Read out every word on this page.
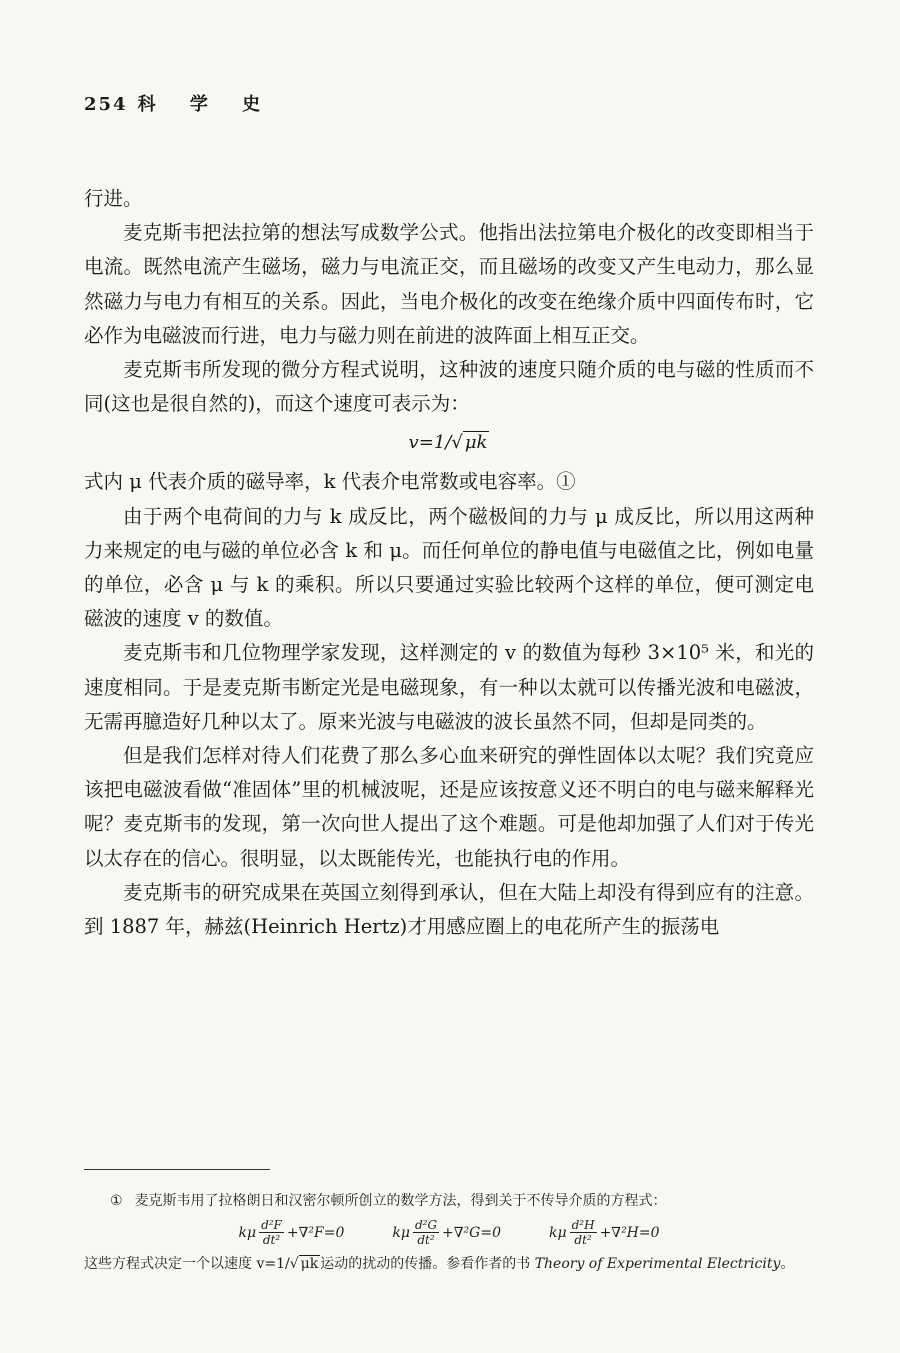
254 科 学 史

行进。

麦克斯韦把法拉第的想法写成数学公式。他指出法拉第电介极化的改变即相当于电流。既然电流产生磁场，磁力与电流正交，而且磁场的改变又产生电动力，那么显然磁力与电力有相互的关系。因此，当电介极化的改变在绝缘介质中四面传布时，它必作为电磁波而行进，电力与磁力则在前进的波阵面上相互正交。

麦克斯韦所发现的微分方程式说明，这种波的速度只随介质的电与磁的性质而不同(这也是很自然的)，而这个速度可表示为：

v=1/√ μk

式内 μ 代表介质的磁导率，k 代表介电常数或电容率。①

由于两个电荷间的力与 k 成反比，两个磁极间的力与 μ 成反比，所以用这两种力来规定的电与磁的单位必含 k 和 μ。而任何单位的静电值与电磁值之比，例如电量的单位，必含 μ 与 k 的乘积。所以只要通过实验比较两个这样的单位，便可测定电磁波的速度 v 的数值。

麦克斯韦和几位物理学家发现，这样测定的 v 的数值为每秒 3×10⁵ 米，和光的速度相同。于是麦克斯韦断定光是电磁现象，有一种以太就可以传播光波和电磁波，无需再臆造好几种以太了。原来光波与电磁波的波长虽然不同，但却是同类的。

但是我们怎样对待人们花费了那么多心血来研究的弹性固体以太呢？我们究竟应该把电磁波看做“准固体”里的机械波呢，还是应该按意义还不明白的电与磁来解释光呢？麦克斯韦的发现，第一次向世人提出了这个难题。可是他却加强了人们对于传光以太存在的信心。很明显，以太既能传光，也能执行电的作用。

麦克斯韦的研究成果在英国立刻得到承认，但在大陆上却没有得到应有的注意。到 1887 年，赫兹(Heinrich Hertz)才用感应圈上的电花所产生的振荡电

① 麦克斯韦用了拉格朗日和汉密尔顿所创立的数学方法，得到关于不传导介质的方程式：
kμ $\frac{\text{d²F}}{\text{dt²}} +\nabla^2F=0$	kμ $\frac{\text{d²G}}{\text{dt²}} +\nabla^2G=0$	kμ $\frac{\text{d²H}}{\text{dt²}} +\nabla^2H=0$
这些方程式决定一个以速度 v=1/√ μk 运动的扰动的传播。参看作者的书 Theory of Experimental Electricity。
